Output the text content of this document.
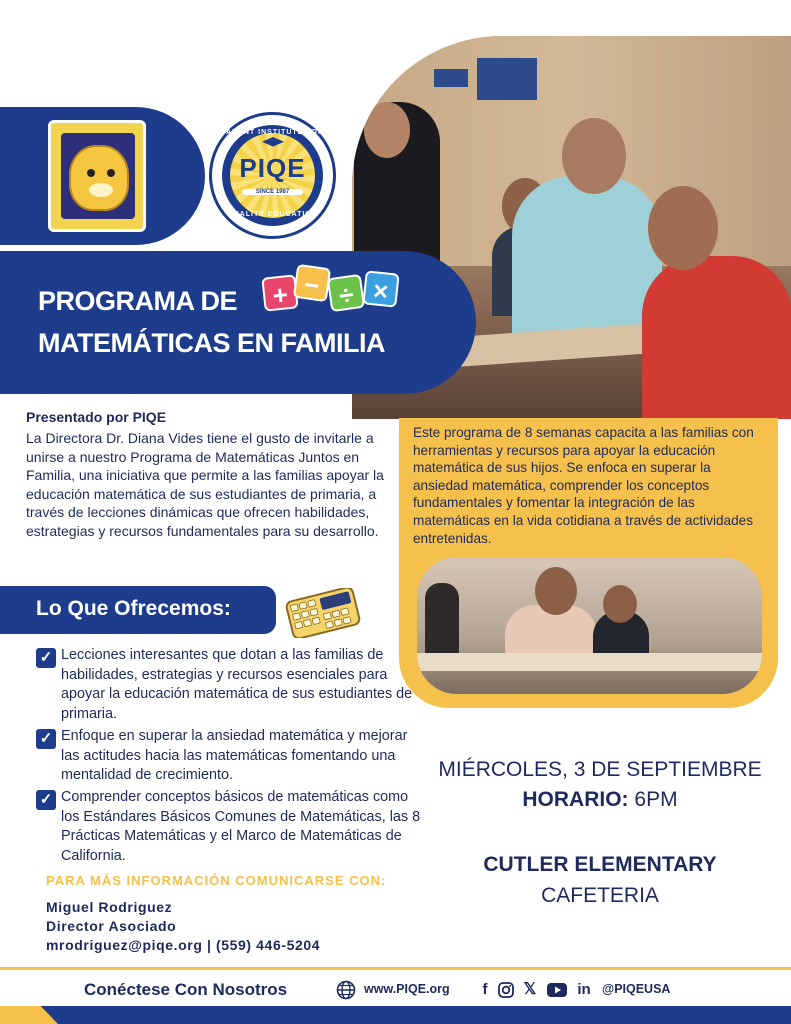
PARENT INSTITUTE FOR
PIQE
SINCE 1987
QUALITY EDUCATION
PROGRAMA DE	+ − ÷ ×
MATEMÁTICAS EN FAMILIA
Presentado por PIQE
La Directora Dr. Diana Vides tiene el gusto de invitarle a unirse a nuestro Programa de Matemáticas Juntos en Familia, una iniciativa que permite a las familias apoyar la educación matemática de sus estudiantes de primaria, a través de lecciones dinámicas que ofrecen habilidades, estrategias y recursos fundamentales para su desarrollo.
Este programa de 8 semanas capacita a las familias con herramientas y recursos para apoyar la educación matemática de sus hijos. Se enfoca en superar la ansiedad matemática, comprender los conceptos fundamentales y fomentar la integración de las matemáticas en la vida cotidiana a través de actividades entretenidas.
Lo Que Ofrecemos:
✓ Lecciones interesantes que dotan a las familias de habilidades, estrategias y recursos esenciales para apoyar la educación matemática de sus estudiantes de primaria.
✓ Enfoque en superar la ansiedad matemática y mejorar las actitudes hacia las matemáticas fomentando una mentalidad de crecimiento.
✓ Comprender conceptos básicos de matemáticas como los Estándares Básicos Comunes de Matemáticas, las 8 Prácticas Matemáticas y el Marco de Matemáticas de California.
PARA MÁS INFORMACIÓN COMUNICARSE CON:
Miguel Rodriguez
Director Asociado
mrodriguez@piqe.org | (559) 446-5204
MIÉRCOLES, 3 DE SEPTIEMBRE
HORARIO: 6PM
CUTLER ELEMENTARY
CAFETERIA
Conéctese Con Nosotros	www.PIQE.org	f 𝕏	in @PIQEUSA
